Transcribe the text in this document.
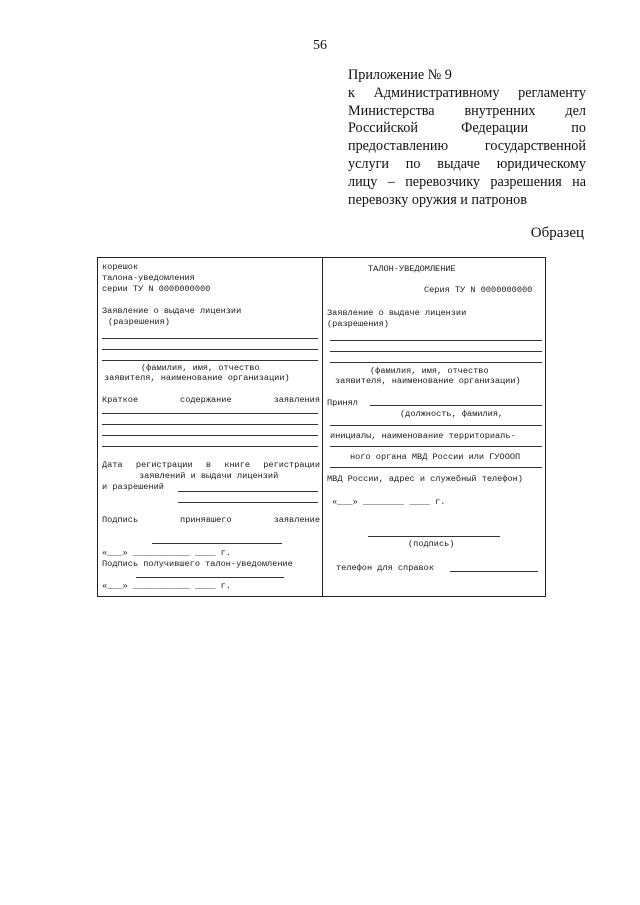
56
Приложение № 9
к Административному регламенту
Министерства внутренних дел
Российской Федерации по
предоставлению государственной
услуги по выдаче юридическому
лицу – перевозчику разрешения на
перевозку оружия и патронов
Образец
корешок
талона-уведомления
серии ТУ N 0000000000
Заявление о выдаче лицензии
(разрешения)
(фамилия, имя, отчество
заявителя, наименование организации)
Краткое содержание заявления
Дата регистрации в книге регистрации
заявлений и выдачи лицензий
и разрешений
Подпись принявшего заявление
«___» ___________ ____ г.
Подпись получившего талон-уведомление
«___» ___________ ____ г.
ТАЛОН-УВЕДОМЛЕНИЕ
Серия ТУ N 0000000000
Заявление о выдаче лицензии
(разрешения)
(фамилия, имя, отчество
заявителя, наименование организации)
Принял
(должность, фамилия,
инициалы, наименование территориаль-
ного органа МВД России или ГУОООП
МВД России, адрес и служебный телефон)
«___» ________ ____ г.
(подпись)
телефон для справок
